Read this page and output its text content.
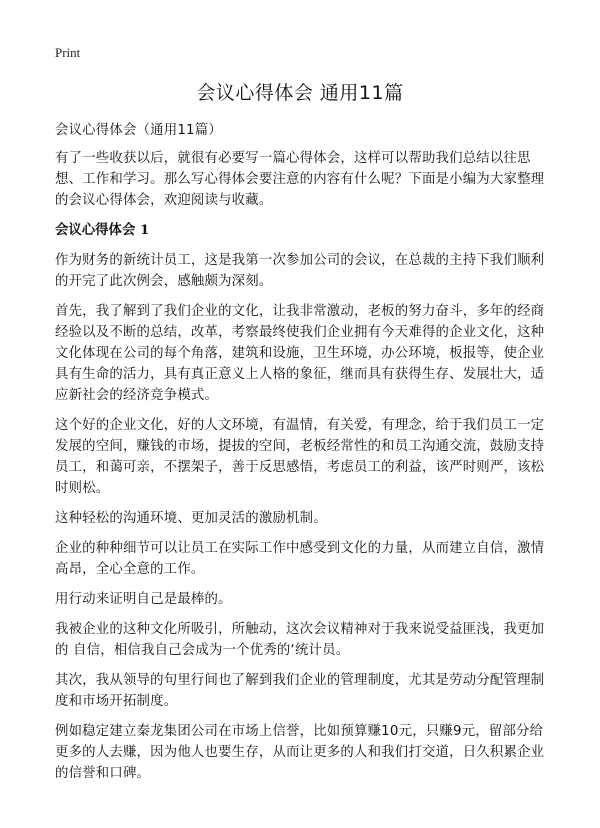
Print
会议心得体会 通用11篇

会议心得体会（通用11篇）

有了一些收获以后，就很有必要写一篇心得体会，这样可以帮助我们总结以往思想、工作和学习。那么写心得体会要注意的内容有什么呢？下面是小编为大家整理的会议心得体会，欢迎阅读与收藏。

会议心得体会 1

作为财务的新统计员工，这是我第一次参加公司的会议，在总裁的主持下我们顺利的开完了此次例会，感触颇为深刻。

首先，我了解到了我们企业的文化，让我非常激动，老板的努力奋斗，多年的经商经验以及不断的总结，改革，考察最终使我们企业拥有今天难得的企业文化，这种文化体现在公司的每个角落，建筑和设施，卫生环境，办公环境，板报等，使企业具有生命的活力，具有真正意义上人格的象征，继而具有获得生存、发展壮大，适应新社会的经济竞争模式。

这个好的企业文化，好的人文环境，有温情，有关爱，有理念，给于我们员工一定发展的空间，赚钱的市场，提拔的空间，老板经常性的和员工沟通交流，鼓励支持员工，和蔼可亲，不摆架子，善于反思感悟，考虑员工的利益，该严时则严，该松时则松。

这种轻松的沟通环境、更加灵活的激励机制。

企业的种种细节可以让员工在实际工作中感受到文化的力量，从而建立自信，激情高昂，全心全意的工作。

用行动来证明自己是最棒的。

我被企业的这种文化所吸引，所触动，这次会议精神对于我来说受益匪浅，我更加的 自信，相信我自己会成为一个优秀的‘统计员。

其次，我从领导的句里行间也了解到我们企业的管理制度，尤其是劳动分配管理制度和市场开拓制度。

例如稳定建立秦龙集团公司在市场上信誉，比如预算赚10元，只赚9元，留部分给更多的人去赚，因为他人也要生存，从而让更多的人和我们打交道，日久积累企业的信誉和口碑。
